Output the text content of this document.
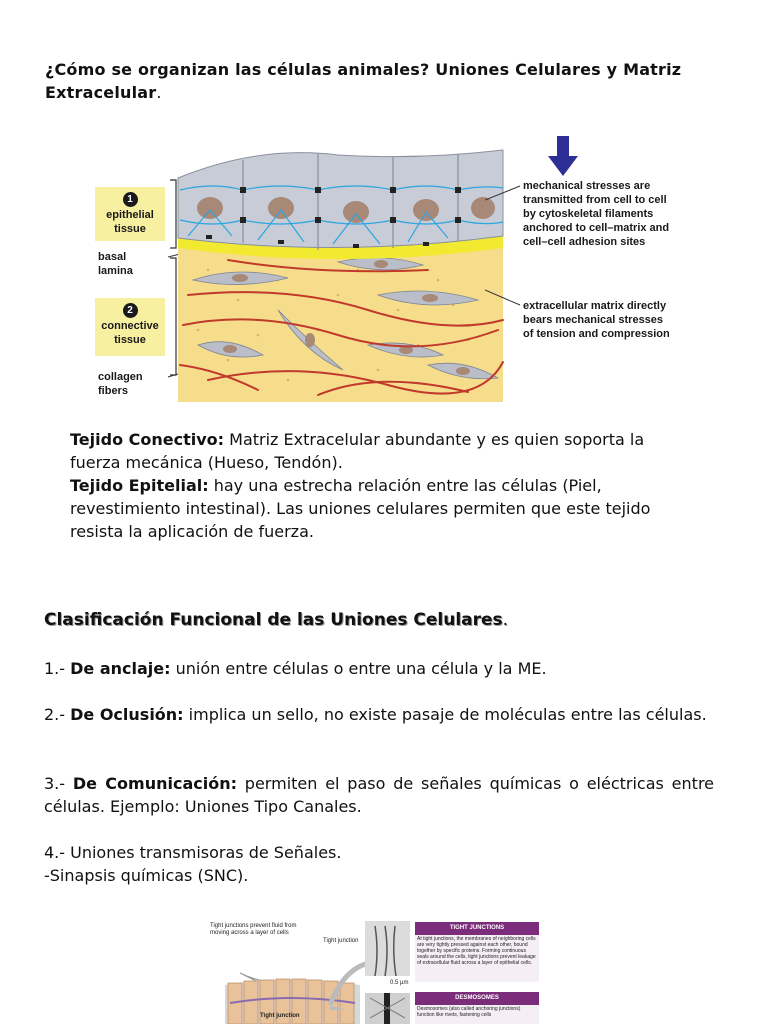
¿Cómo se organizan las células animales? Uniones Celulares y Matriz Extracelular.
1
epithelial tissue
basal lamina
2
connective tissue
collagen fibers
mechanical stresses are transmitted from cell to cell by cytoskeletal filaments anchored to cell–matrix and cell–cell adhesion sites
extracellular matrix directly bears mechanical stresses of tension and compression
Tejido Conectivo: Matriz Extracelular abundante y es quien soporta la fuerza mecánica (Hueso, Tendón).
Tejido Epitelial: hay una estrecha relación entre las células (Piel, revestimiento intestinal). Las uniones celulares permiten que este tejido resista la aplicación de fuerza.
Clasificación Funcional de las Uniones Celulares.
1.- De anclaje: unión entre células o entre una célula y la ME.
2.- De Oclusión: implica un sello, no existe pasaje de moléculas entre las células.
3.- De Comunicación: permiten el paso de señales químicas o eléctricas entre células. Ejemplo: Uniones Tipo Canales.
4.- Uniones transmisoras de Señales.
-Sinapsis químicas (SNC).
Tight junctions prevent fluid from moving across a layer of cells
Tight junction
Tight junction
0.5 µm
TIGHT JUNCTIONS
At tight junctions, the membranes of neighboring cells are very tightly pressed against each other, bound together by specific proteins. Forming continuous seals around the cells, tight junctions prevent leakage of extracellular fluid across a layer of epithelial cells.
DESMOSOMES
Desmosomes (also called anchoring junctions) function like rivets, fastening cells
